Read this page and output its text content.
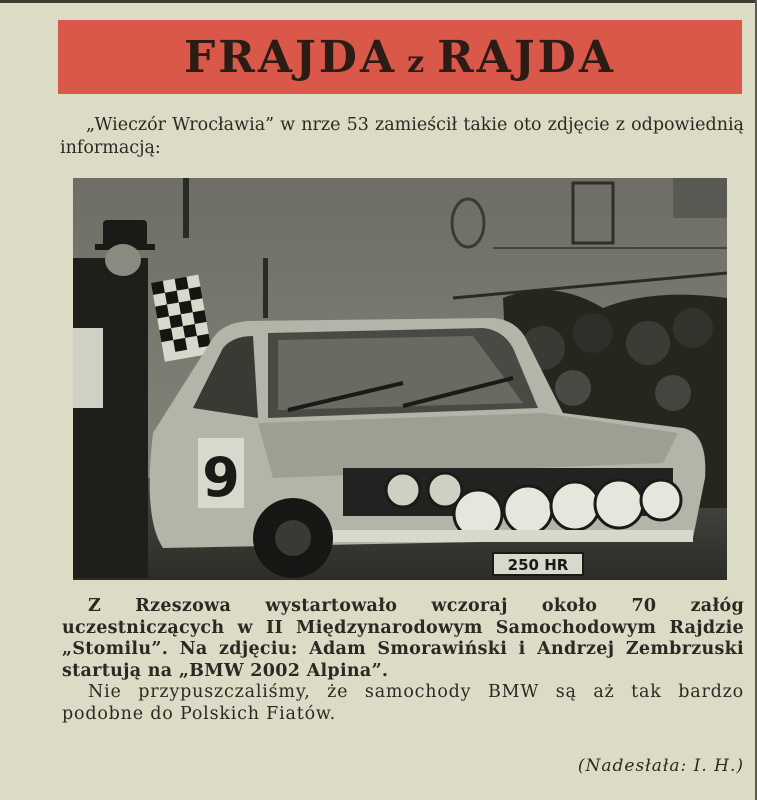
FRAJDA z RAJDA

„Wieczór Wrocławia” w nrze 53 zamieścił takie oto zdjęcie z odpowiednią informacją:

250 HR
9

Z Rzeszowa wystartowało wczoraj około 70 załóg uczestniczących w II Międzynarodowym Samochodowym Rajdzie „Stomilu”. Na zdjęciu: Adam Smorawiński i Andrzej Zembrzuski startują na „BMW 2002 Alpina”.

Nie przypuszczaliśmy, że samochody BMW są aż tak bardzo podobne do Polskich Fiatów.

(Nadesłała: I. H.)
